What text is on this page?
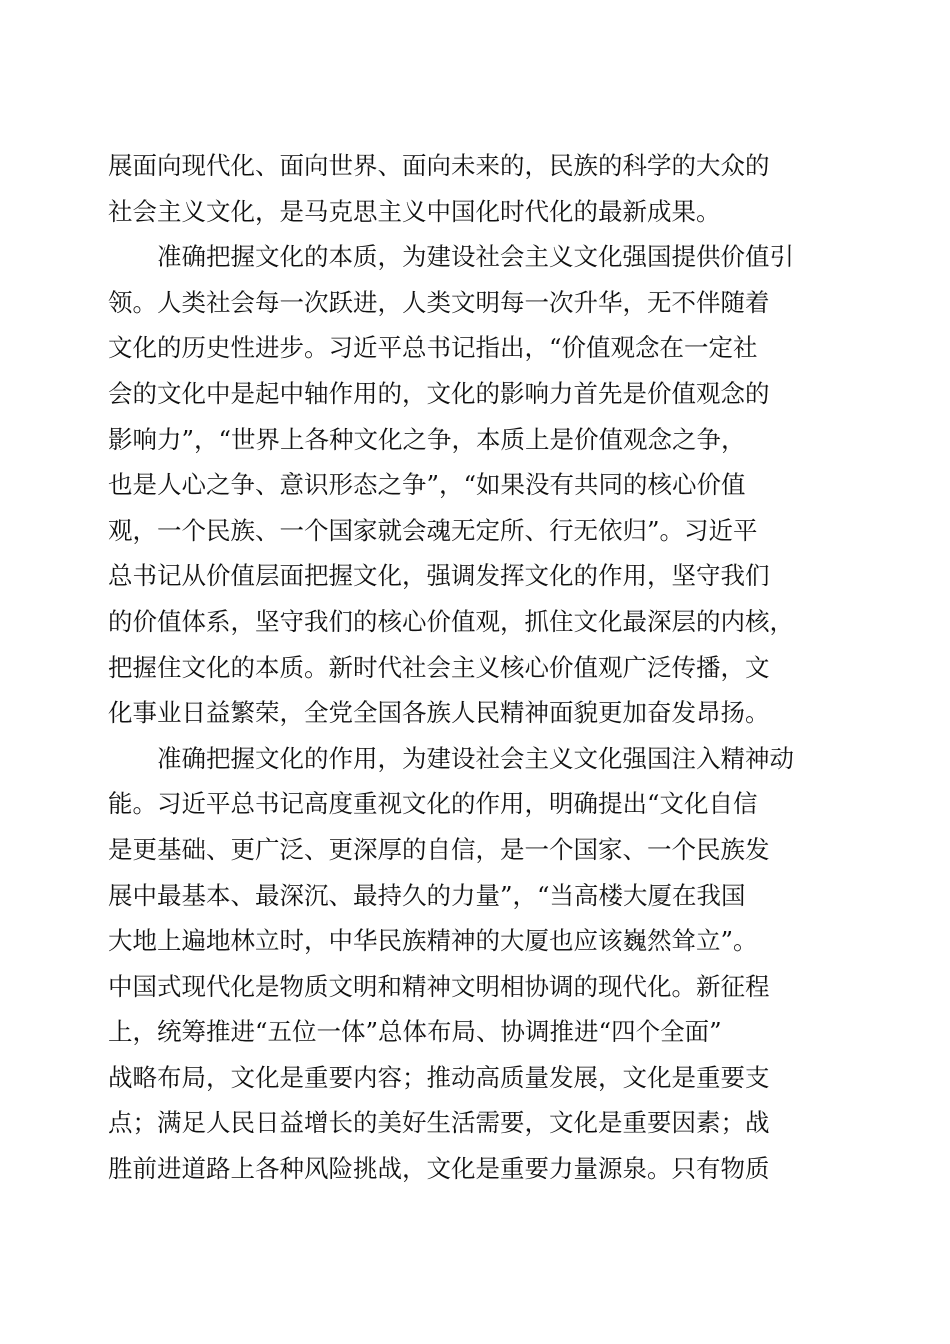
展面向现代化、面向世界、面向未来的，民族的科学的大众的
社会主义文化，是马克思主义中国化时代化的最新成果。
准确把握文化的本质，为建设社会主义文化强国提供价值引
领。人类社会每一次跃进，人类文明每一次升华，无不伴随着
文化的历史性进步。习近平总书记指出，“价值观念在一定社
会的文化中是起中轴作用的，文化的影响力首先是价值观念的
影响力”，“世界上各种文化之争，本质上是价值观念之争，
也是人心之争、意识形态之争”，“如果没有共同的核心价值
观，一个民族、一个国家就会魂无定所、行无依归”。习近平
总书记从价值层面把握文化，强调发挥文化的作用，坚守我们
的价值体系，坚守我们的核心价值观，抓住文化最深层的内核，
把握住文化的本质。新时代社会主义核心价值观广泛传播，文
化事业日益繁荣，全党全国各族人民精神面貌更加奋发昂扬。
准确把握文化的作用，为建设社会主义文化强国注入精神动
能。习近平总书记高度重视文化的作用，明确提出“文化自信
是更基础、更广泛、更深厚的自信，是一个国家、一个民族发
展中最基本、最深沉、最持久的力量”，“当高楼大厦在我国
大地上遍地林立时，中华民族精神的大厦也应该巍然耸立”。
中国式现代化是物质文明和精神文明相协调的现代化。新征程
上，统筹推进“五位一体”总体布局、协调推进“四个全面”
战略布局，文化是重要内容；推动高质量发展，文化是重要支
点；满足人民日益增长的美好生活需要，文化是重要因素；战
胜前进道路上各种风险挑战，文化是重要力量源泉。只有物质
